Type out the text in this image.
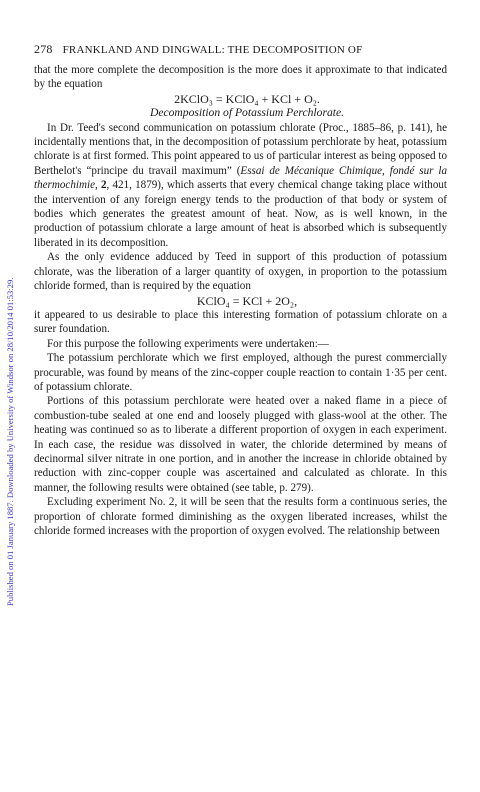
Published on 01 January 1887. Downloaded by University of Windsor on 28/10/2014 01:53:29.
278 FRANKLAND AND DINGWALL: THE DECOMPOSITION OF

that the more complete the decomposition is the more does it approximate to that indicated by the equation

2KClO₃ = KClO₄ + KCl + O₂.

Decomposition of Potassium Perchlorate.

In Dr. Teed's second communication on potassium chlorate (Proc., 1885–86, p. 141), he incidentally mentions that, in the decomposition of potassium perchlorate by heat, potassium chlorate is at first formed. This point appeared to us of particular interest as being opposed to Berthelot's “principe du travail maximum” (Essai de Mécanique Chimique, fondé sur la thermochimie, 2, 421, 1879), which asserts that every chemical change taking place without the intervention of any foreign energy tends to the production of that body or system of bodies which generates the greatest amount of heat. Now, as is well known, in the production of potassium chlorate a large amount of heat is absorbed which is subsequently liberated in its decomposition.

As the only evidence adduced by Teed in support of this production of potassium chlorate, was the liberation of a larger quantity of oxygen, in proportion to the potassium chloride formed, than is required by the equation

KClO₄ = KCl + 2O₂,

it appeared to us desirable to place this interesting formation of potassium chlorate on a surer foundation.

For this purpose the following experiments were undertaken:—

The potassium perchlorate which we first employed, although the purest commercially procurable, was found by means of the zinc-copper couple reaction to contain 1·35 per cent. of potassium chlorate.

Portions of this potassium perchlorate were heated over a naked flame in a piece of combustion-tube sealed at one end and loosely plugged with glass-wool at the other. The heating was continued so as to liberate a different proportion of oxygen in each experiment. In each case, the residue was dissolved in water, the chloride determined by means of decinormal silver nitrate in one portion, and in another the increase in chloride obtained by reduction with zinc-copper couple was ascertained and calculated as chlorate. In this manner, the following results were obtained (see table, p. 279).

Excluding experiment No. 2, it will be seen that the results form a continuous series, the proportion of chlorate formed diminishing as the oxygen liberated increases, whilst the chloride formed increases with the proportion of oxygen evolved. The relationship between
